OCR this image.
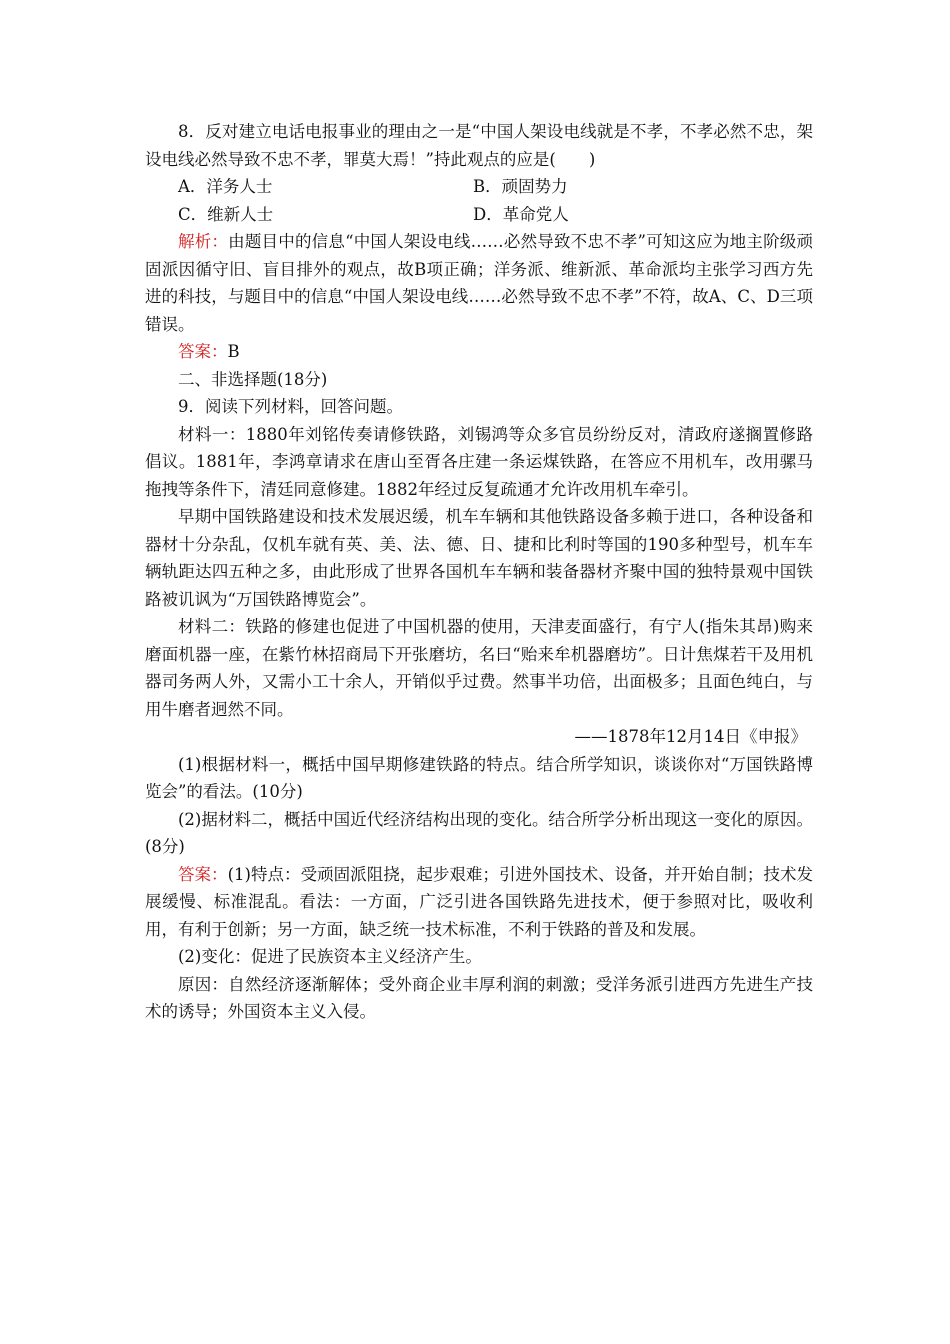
8．反对建立电话电报事业的理由之一是“中国人架设电线就是不孝，不孝必然不忠，架设电线必然导致不忠不孝，罪莫大焉！”持此观点的应是(　　)

A．洋务人士	B．顽固势力
C．维新人士	D．革命党人

解析：由题目中的信息“中国人架设电线……必然导致不忠不孝”可知这应为地主阶级顽固派因循守旧、盲目排外的观点，故B项正确；洋务派、维新派、革命派均主张学习西方先进的科技，与题目中的信息“中国人架设电线……必然导致不忠不孝”不符，故A、C、D三项错误。

答案：B

二、非选择题(18分)

9．阅读下列材料，回答问题。

材料一：1880年刘铭传奏请修铁路，刘锡鸿等众多官员纷纷反对，清政府遂搁置修路倡议。1881年，李鸿章请求在唐山至胥各庄建一条运煤铁路，在答应不用机车，改用骡马拖拽等条件下，清廷同意修建。1882年经过反复疏通才允许改用机车牵引。

早期中国铁路建设和技术发展迟缓，机车车辆和其他铁路设备多赖于进口，各种设备和器材十分杂乱，仅机车就有英、美、法、德、日、捷和比利时等国的190多种型号，机车车辆轨距达四五种之多，由此形成了世界各国机车车辆和装备器材齐聚中国的独特景观中国铁路被讥讽为“万国铁路博览会”。

材料二：铁路的修建也促进了中国机器的使用，天津麦面盛行，有宁人(指朱其昂)购来磨面机器一座，在紫竹林招商局下开张磨坊，名曰“贻来牟机器磨坊”。日计焦煤若干及用机器司务两人外，又需小工十余人，开销似乎过费。然事半功倍，出面极多；且面色纯白，与用牛磨者迥然不同。

——1878年12月14日《申报》

(1)根据材料一，概括中国早期修建铁路的特点。结合所学知识，谈谈你对“万国铁路博览会”的看法。(10分)

(2)据材料二，概括中国近代经济结构出现的变化。结合所学分析出现这一变化的原因。(8分)

答案：(1)特点：受顽固派阻挠，起步艰难；引进外国技术、设备，并开始自制；技术发展缓慢、标准混乱。看法：一方面，广泛引进各国铁路先进技术，便于参照对比，吸收利用，有利于创新；另一方面，缺乏统一技术标准，不利于铁路的普及和发展。

(2)变化：促进了民族资本主义经济产生。

原因：自然经济逐渐解体；受外商企业丰厚利润的刺激；受洋务派引进西方先进生产技术的诱导；外国资本主义入侵。
